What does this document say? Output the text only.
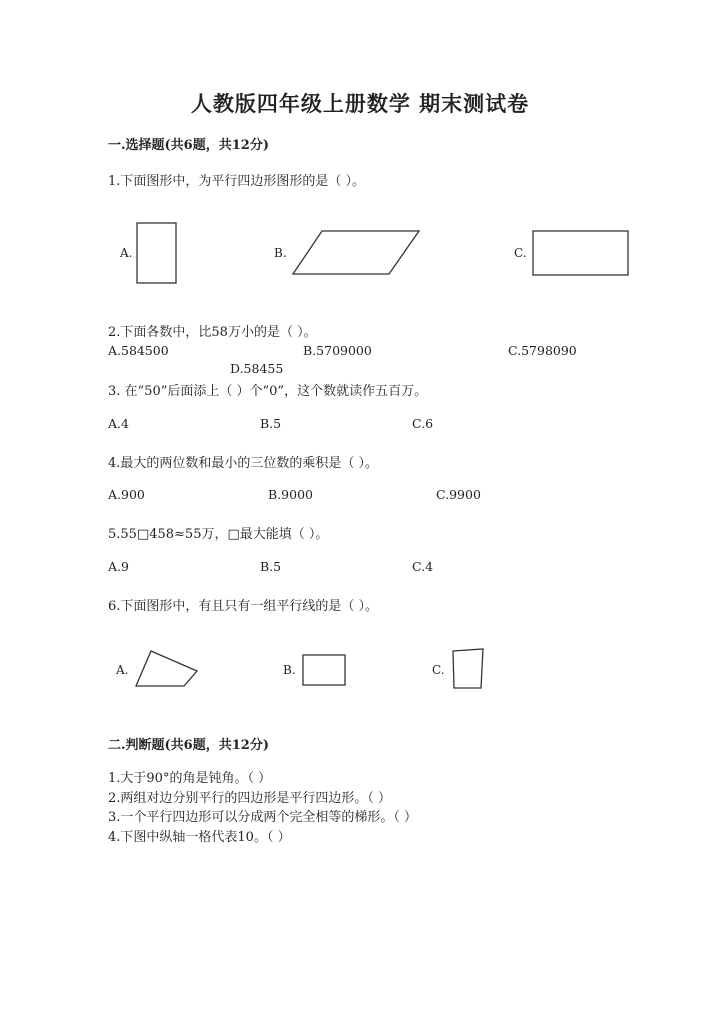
人教版四年级上册数学 期末测试卷
一.选择题(共6题，共12分)
1.下面图形中，为平行四边形图形的是（ ）。
A.	B.	C.
2.下面各数中，比58万小的是（ ）。
A.584500	B.5709000	C.5798090
D.58455
3. 在“50”后面添上（ ）个“0”，这个数就读作五百万。
A.4	B.5	C.6
4.最大的两位数和最小的三位数的乘积是（ ）。
A.900	B.9000	C.9900
5.55□458≈55万，□最大能填（ ）。
A.9	B.5	C.4
6.下面图形中，有且只有一组平行线的是（ ）。
A.	B.	C.
二.判断题(共6题，共12分)
1.大于90°的角是钝角。（ ）
2.两组对边分别平行的四边形是平行四边形。（ ）
3.一个平行四边形可以分成两个完全相等的梯形。（ ）
4.下图中纵轴一格代表10。（ ）
